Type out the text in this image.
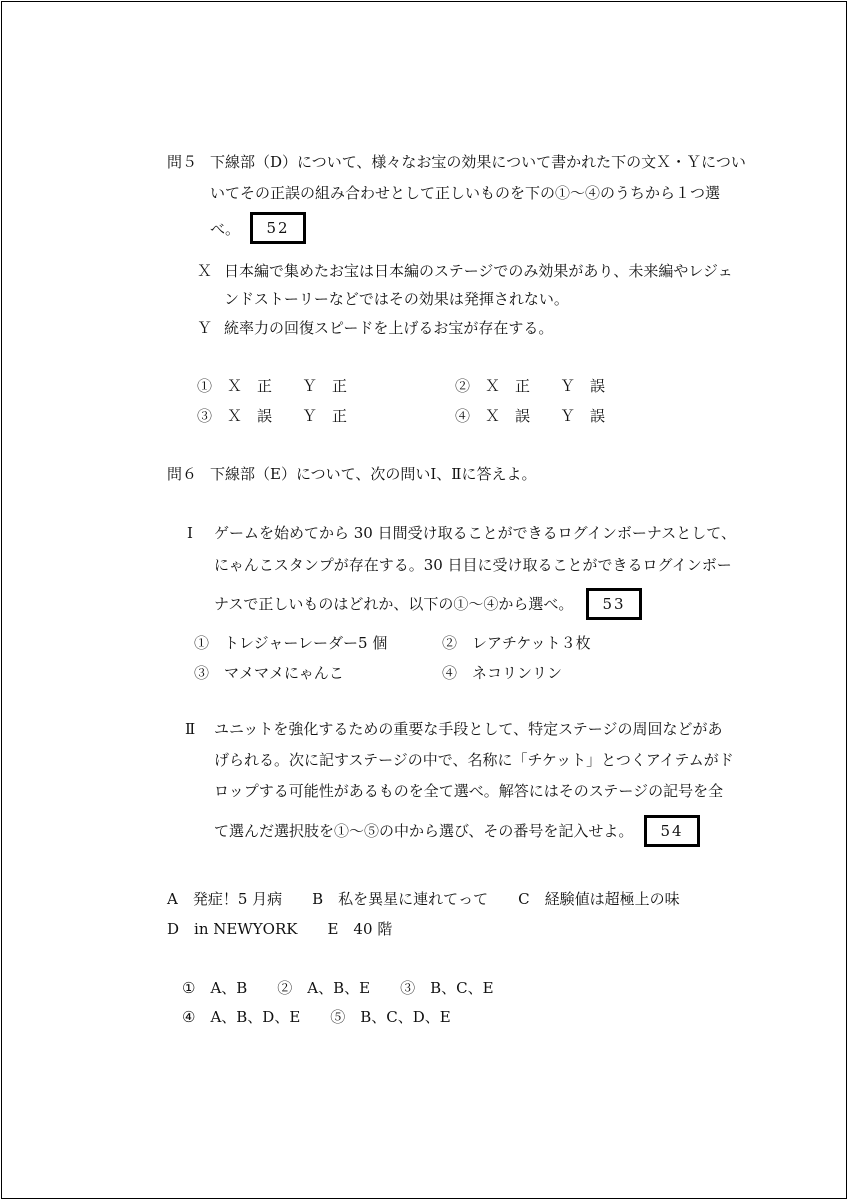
問５ 下線部（D）について、様々なお宝の効果について書かれた下の文Ｘ・Ｙについ
いてその正誤の組み合わせとして正しいものを下の①〜④のうちから１つ選
べ。	52
Ｘ 日本編で集めたお宝は日本編のステージでのみ効果があり、未来編やレジェ
ンドストーリーなどではその効果は発揮されない。
Ｙ 統率力の回復スピードを上げるお宝が存在する。
①　Ｘ　正　　Ｙ　正	②　Ｘ　正　　Ｙ　誤
③　Ｘ　誤　　Ｙ　正	④　Ｘ　誤　　Ｙ　誤
問６ 下線部（E）について、次の問いⅠ、Ⅱに答えよ。
Ⅰ ゲームを始めてから 30 日間受け取ることができるログインボーナスとして、
にゃんこスタンプが存在する。30 日目に受け取ることができるログインボー
ナスで正しいものはどれか、以下の①〜④から選べ。	53
①　トレジャーレーダー5 個	②　レアチケット３枚
③　マメマメにゃんこ	④　ネコリンリン
Ⅱ ユニットを強化するための重要な手段として、特定ステージの周回などがあ
げられる。次に記すステージの中で、名称に「チケット」とつくアイテムがド
ロップする可能性があるものを全て選べ。解答にはそのステージの記号を全
て選んだ選択肢を①〜⑤の中から選び、その番号を記入せよ。	54
A　発症！5 月病　　B　私を異星に連れてって　　C　経験値は超極上の味
D　in NEWYORK　　E　40 階
①　A、B　　②　A、B、E　　③　B、C、E
④　A、B、D、E　　⑤　B、C、D、E
